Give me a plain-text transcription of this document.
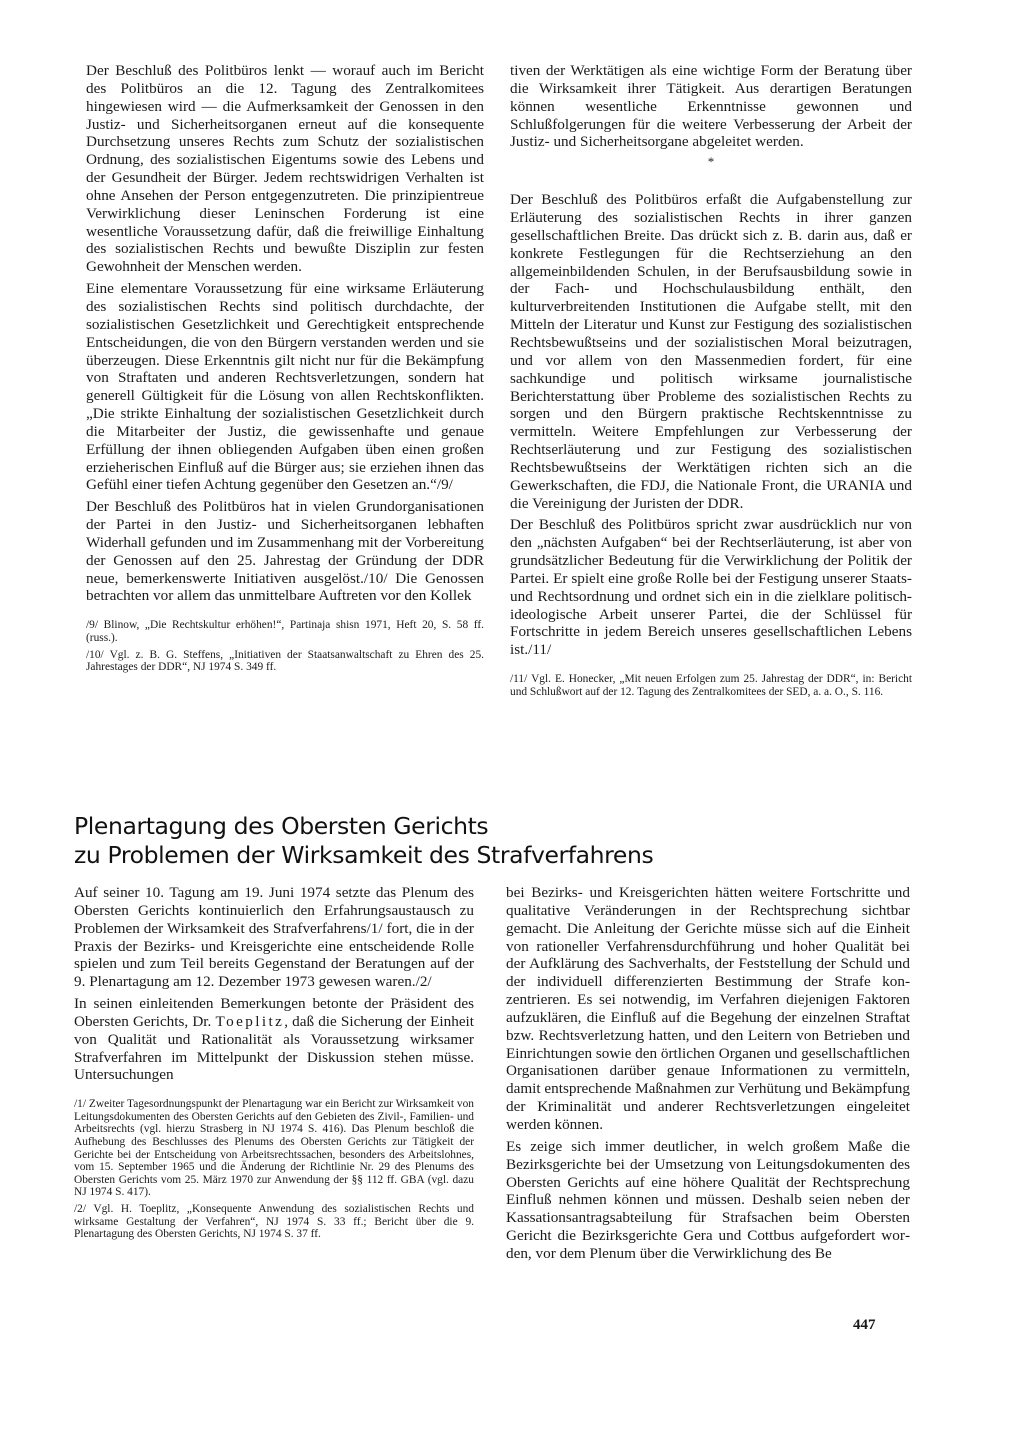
Der Beschluß des Politbüros lenkt — worauf auch im Bericht des Politbüros an die 12. Tagung des Zentralkomitees hingewiesen wird — die Aufmerksamkeit der Genossen in den Justiz- und Sicherheitsorganen erneut auf die konsequente Durchsetzung unseres Rechts zum Schutz der sozialistischen Ordnung, des sozialistischen Eigentums sowie des Lebens und der Gesundheit der Bürger. Jedem rechtswidrigen Verhalten ist ohne Ansehen der Person entgegenzutreten. Die prinzipientreue Verwirklichung dieser Leninschen Forderung ist eine wesentliche Voraussetzung dafür, daß die freiwillige Einhaltung des sozialistischen Rechts und bewußte Disziplin zur festen Gewohnheit der Menschen werden.

Eine elementare Voraussetzung für eine wirksame Erläuterung des sozialistischen Rechts sind politisch durchdachte, der sozialistischen Gesetzlichkeit und Gerechtigkeit entsprechende Entscheidungen, die von den Bürgern verstanden werden und sie überzeugen. Diese Erkenntnis gilt nicht nur für die Bekämpfung von Straftaten und anderen Rechtsverletzungen, sondern hat generell Gültigkeit für die Lösung von allen Rechtskonflikten. „Die strikte Einhaltung der sozialistischen Gesetzlichkeit durch die Mitarbeiter der Justiz, die gewissenhafte und genaue Erfüllung der ihnen obliegenden Aufgaben üben einen großen erzieherischen Einfluß auf die Bürger aus; sie erziehen ihnen das Gefühl einer tiefen Achtung gegenüber den Gesetzen an.“/9/

Der Beschluß des Politbüros hat in vielen Grundorganisationen der Partei in den Justiz- und Sicherheitsorganen lebhaften Widerhall gefunden und im Zusammenhang mit der Vorbereitung der Genossen auf den 25. Jahrestag der Gründung der DDR neue, bemerkenswerte Initiativen ausgelöst./10/ Die Genossen betrachten vor allem das unmittelbare Auftreten vor den Kollek

/9/ Blinow, „Die Rechtskultur erhöhen!“, Partinaja shisn 1971, Heft 20, S. 58 ff. (russ.).

/10/ Vgl. z. B. G. Steffens, „Initiativen der Staatsanwaltschaft zu Ehren des 25. Jahrestages der DDR“, NJ 1974 S. 349 ff.

tiven der Werktätigen als eine wichtige Form der Beratung über die Wirksamkeit ihrer Tätigkeit. Aus derartigen Beratungen können wesentliche Erkenntnisse gewonnen und Schlußfolgerungen für die weitere Verbesserung der Arbeit der Justiz- und Sicherheitsorgane abgeleitet werden.

*

Der Beschluß des Politbüros erfaßt die Aufgabenstellung zur Erläuterung des sozialistischen Rechts in ihrer ganzen gesellschaftlichen Breite. Das drückt sich z. B. darin aus, daß er konkrete Festlegungen für die Rechtserziehung an den allgemeinbildenden Schulen, in der Berufsausbildung sowie in der Fach- und Hochschulausbildung enthält, den kulturverbreitenden Institutionen die Aufgabe stellt, mit den Mitteln der Literatur und Kunst zur Festigung des sozialistischen Rechtsbewußtseins und der sozialistischen Moral beizutragen, und vor allem von den Massenmedien fordert, für eine sachkundige und politisch wirksame journalistische Berichterstattung über Probleme des sozialistischen Rechts zu sorgen und den Bürgern praktische Rechtskenntnisse zu vermitteln. Weitere Empfehlungen zur Verbesserung der Rechtserläuterung und zur Festigung des sozialistischen Rechtsbewußtseins der Werktätigen richten sich an die Gewerkschaften, die FDJ, die Nationale Front, die URANIA und die Vereinigung der Juristen der DDR.

Der Beschluß des Politbüros spricht zwar ausdrücklich nur von den „nächsten Aufgaben“ bei der Rechtserläuterung, ist aber von grundsätzlicher Bedeutung für die Verwirklichung der Politik der Partei. Er spielt eine große Rolle bei der Festigung unserer Staats- und Rechtsordnung und ordnet sich ein in die zielklare politisch-ideologische Arbeit unserer Partei, die der Schlüssel für Fortschritte in jedem Bereich unseres gesellschaftlichen Lebens ist./11/

/11/ Vgl. E. Honecker, „Mit neuen Erfolgen zum 25. Jahrestag der DDR“, in: Bericht und Schlußwort auf der 12. Tagung des Zentralkomitees der SED, a. a. O., S. 116.

Plenartagung des Obersten Gerichts
zu Problemen der Wirksamkeit des Strafverfahrens

Auf seiner 10. Tagung am 19. Juni 1974 setzte das Plenum des Obersten Gerichts kontinuierlich den Erfahrungsaustausch zu Problemen der Wirksamkeit des Strafverfahrens/1/ fort, die in der Praxis der Bezirks- und Kreisgerichte eine entscheidende Rolle spielen und zum Teil bereits Gegenstand der Beratungen auf der 9. Plenartagung am 12. Dezember 1973 gewesen waren./2/

In seinen einleitenden Bemerkungen betonte der Präsident des Obersten Gerichts, Dr. Toeplitz, daß die Sicherung der Einheit von Qualität und Rationalität als Voraussetzung wirksamer Strafverfahren im Mittelpunkt der Diskussion stehen müsse. Untersuchungen

/1/ Zweiter Tagesordnungspunkt der Plenartagung war ein Bericht zur Wirksamkeit von Leitungsdokumenten des Obersten Gerichts auf den Gebieten des Zivil-, Familien- und Arbeitsrechts (vgl. hierzu Strasberg in NJ 1974 S. 416). Das Plenum beschloß die Aufhebung des Beschlusses des Plenums des Obersten Gerichts zur Tätigkeit der Gerichte bei der Entscheidung von Arbeitsrechtssachen, besonders des Arbeitslohnes, vom 15. September 1965 und die Änderung der Richtlinie Nr. 29 des Plenums des Obersten Gerichts vom 25. März 1970 zur Anwendung der §§ 112 ff. GBA (vgl. dazu NJ 1974 S. 417).

/2/ Vgl. H. Toeplitz, „Konsequente Anwendung des sozialistischen Rechts und wirksame Gestaltung der Verfahren“, NJ 1974 S. 33 ff.; Bericht über die 9. Plenartagung des Obersten Gerichts, NJ 1974 S. 37 ff.

bei Bezirks- und Kreisgerichten hätten weitere Fortschritte und qualitative Veränderungen in der Rechtsprechung sichtbar gemacht. Die Anleitung der Gerichte müsse sich auf die Einheit von rationeller Verfahrensdurchführung und hoher Qualität bei der Aufklärung des Sachverhalts, der Feststellung der Schuld und der individuell differenzierten Bestimmung der Strafe konzentrieren. Es sei notwendig, im Verfahren diejenigen Faktoren aufzuklären, die Einfluß auf die Begehung der einzelnen Straftat bzw. Rechtsverletzung hatten, und den Leitern von Betrieben und Einrichtungen sowie den örtlichen Organen und gesellschaftlichen Organisationen darüber genaue Informationen zu vermitteln, damit entsprechende Maßnahmen zur Verhütung und Bekämpfung der Kriminalität und anderer Rechtsverletzungen eingeleitet werden können.

Es zeige sich immer deutlicher, in welch großem Maße die Bezirksgerichte bei der Umsetzung von Leitungsdokumenten des Obersten Gerichts auf eine höhere Qualität der Rechtsprechung Einfluß nehmen können und müssen. Deshalb seien neben der Kassationsantragsabteilung für Strafsachen beim Obersten Gericht die Bezirksgerichte Gera und Cottbus aufgefordert worden, vor dem Plenum über die Verwirklichung des Be

447
